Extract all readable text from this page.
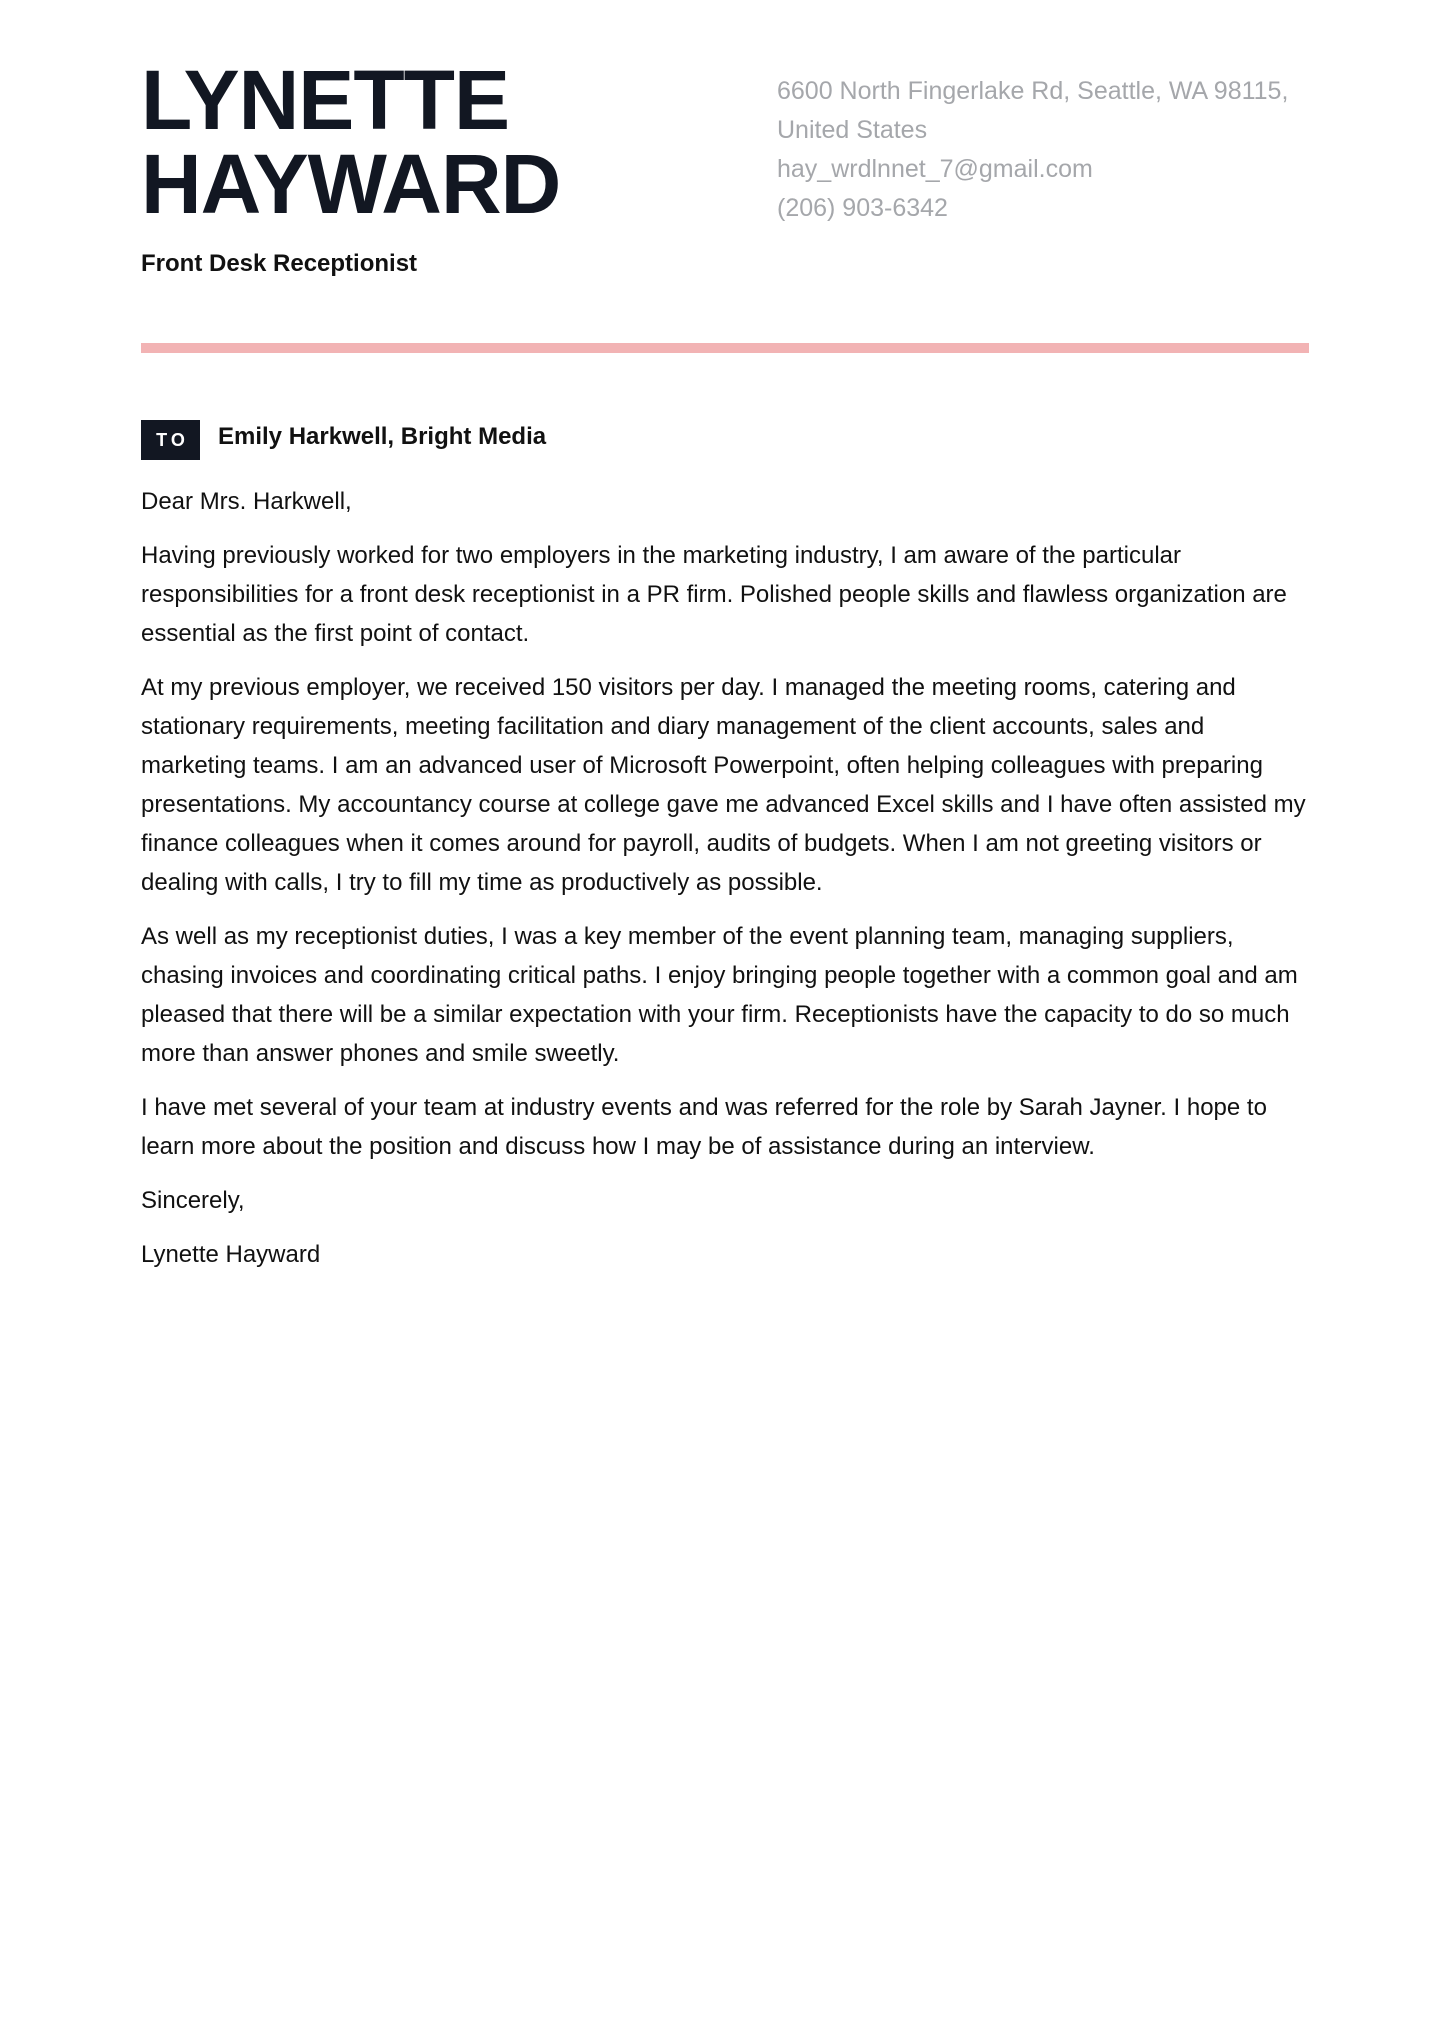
LYNETTE
HAYWARD
Front Desk Receptionist
6600 North Fingerlake Rd, Seattle, WA 98115,
United States
hay_wrdlnnet_7@gmail.com
(206) 903-6342
TO	Emily Harkwell, Bright Media

Dear Mrs. Harkwell,

Having previously worked for two employers in the marketing industry, I am aware of the particular responsibilities for a front desk receptionist in a PR firm. Polished people skills and flawless organization are essential as the first point of contact.

At my previous employer, we received 150 visitors per day. I managed the meeting rooms, catering and stationary requirements, meeting facilitation and diary management of the client accounts, sales and marketing teams. I am an advanced user of Microsoft Powerpoint, often helping colleagues with preparing presentations. My accountancy course at college gave me advanced Excel skills and I have often assisted my finance colleagues when it comes around for payroll, audits of budgets. When I am not greeting visitors or dealing with calls, I try to fill my time as productively as possible.

As well as my receptionist duties, I was a key member of the event planning team, managing suppliers, chasing invoices and coordinating critical paths. I enjoy bringing people together with a common goal and am pleased that there will be a similar expectation with your firm. Receptionists have the capacity to do so much more than answer phones and smile sweetly.

I have met several of your team at industry events and was referred for the role by Sarah Jayner. I hope to learn more about the position and discuss how I may be of assistance during an interview.

Sincerely,

Lynette Hayward
